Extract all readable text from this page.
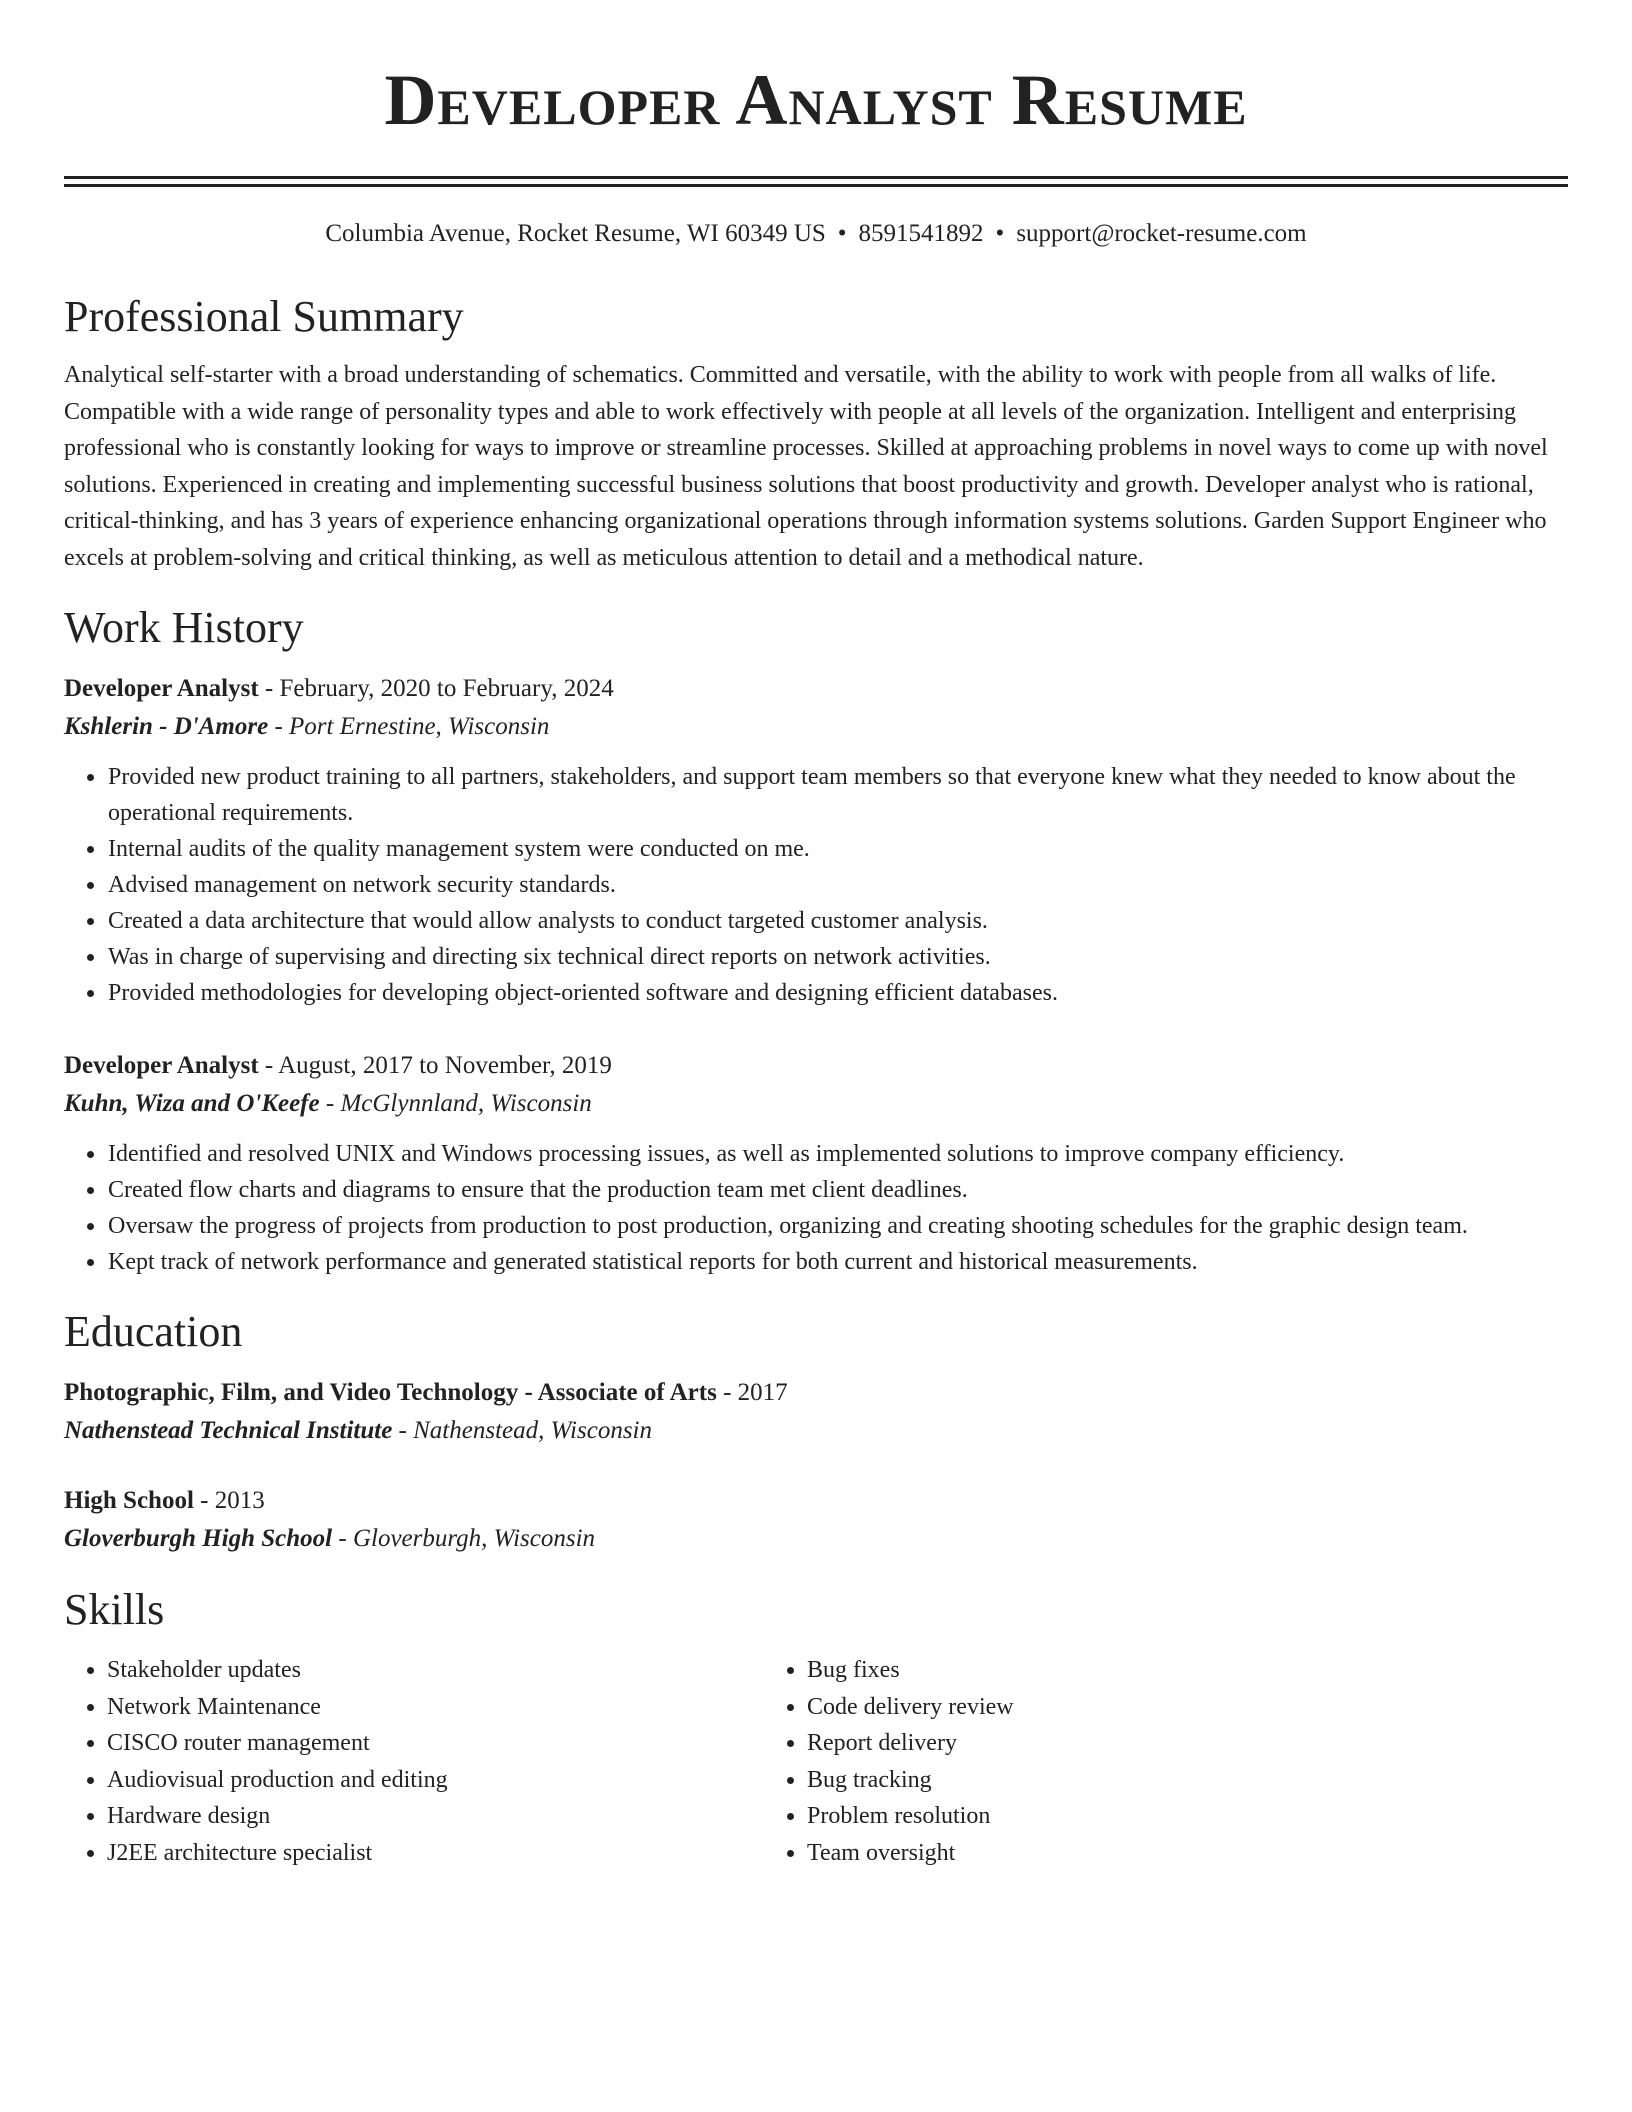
Developer Analyst Resume
Columbia Avenue, Rocket Resume, WI 60349 US • 8591541892 • support@rocket-resume.com
Professional Summary
Analytical self-starter with a broad understanding of schematics. Committed and versatile, with the ability to work with people from all walks of life. Compatible with a wide range of personality types and able to work effectively with people at all levels of the organization. Intelligent and enterprising professional who is constantly looking for ways to improve or streamline processes. Skilled at approaching problems in novel ways to come up with novel solutions. Experienced in creating and implementing successful business solutions that boost productivity and growth. Developer analyst who is rational, critical-thinking, and has 3 years of experience enhancing organizational operations through information systems solutions. Garden Support Engineer who excels at problem-solving and critical thinking, as well as meticulous attention to detail and a methodical nature.
Work History
Developer Analyst - February, 2020 to February, 2024
Kshlerin - D'Amore - Port Ernestine, Wisconsin
• Provided new product training to all partners, stakeholders, and support team members so that everyone knew what they needed to know about the operational requirements.
• Internal audits of the quality management system were conducted on me.
• Advised management on network security standards.
• Created a data architecture that would allow analysts to conduct targeted customer analysis.
• Was in charge of supervising and directing six technical direct reports on network activities.
• Provided methodologies for developing object-oriented software and designing efficient databases.
Developer Analyst - August, 2017 to November, 2019
Kuhn, Wiza and O'Keefe - McGlynnland, Wisconsin
• Identified and resolved UNIX and Windows processing issues, as well as implemented solutions to improve company efficiency.
• Created flow charts and diagrams to ensure that the production team met client deadlines.
• Oversaw the progress of projects from production to post production, organizing and creating shooting schedules for the graphic design team.
• Kept track of network performance and generated statistical reports for both current and historical measurements.
Education
Photographic, Film, and Video Technology - Associate of Arts - 2017
Nathenstead Technical Institute - Nathenstead, Wisconsin
High School - 2013
Gloverburgh High School - Gloverburgh, Wisconsin
Skills
• Stakeholder updates
• Network Maintenance
• CISCO router management
• Audiovisual production and editing
• Hardware design
• J2EE architecture specialist
• Bug fixes
• Code delivery review
• Report delivery
• Bug tracking
• Problem resolution
• Team oversight
